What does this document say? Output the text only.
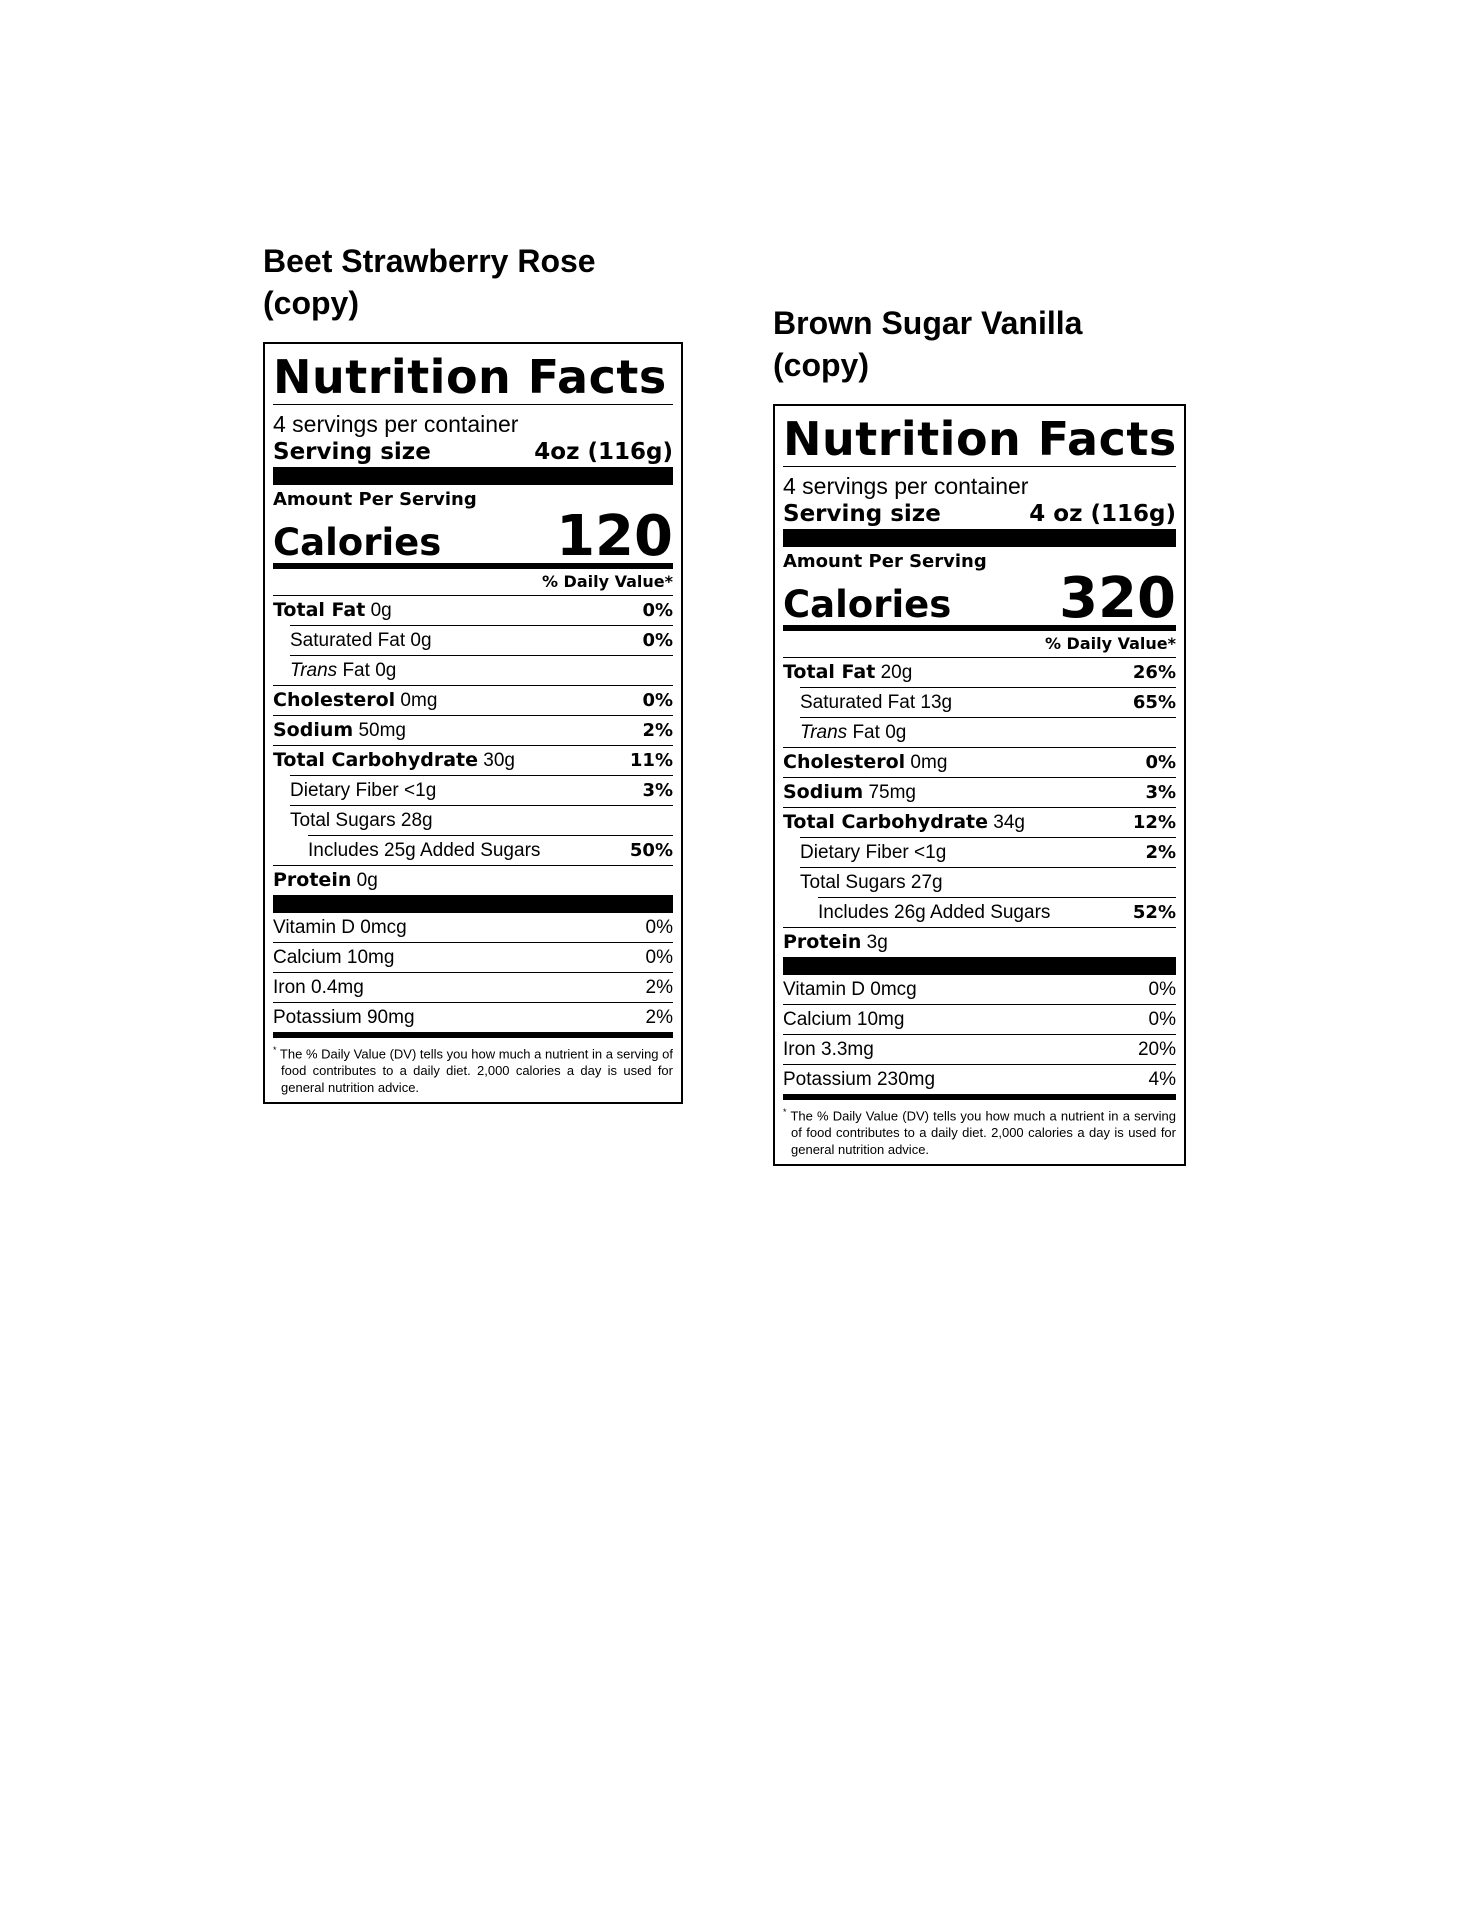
Beet Strawberry Rose
(copy)
Nutrition Facts
4 servings per container
Serving size	4oz (116g)
Amount Per Serving
Calories 120
% Daily Value*
Total Fat 0g	0%
Saturated Fat 0g	0%
Trans Fat 0g
Cholesterol 0mg	0%
Sodium 50mg	2%
Total Carbohydrate 30g	11%
Dietary Fiber <1g	3%
Total Sugars 28g
Includes 25g Added Sugars	50%
Protein 0g
Vitamin D 0mcg	0%
Calcium 10mg	0%
Iron 0.4mg	2%
Potassium 90mg	2%
* The % Daily Value (DV) tells you how much a nutrient in a serving of food contributes to a daily diet. 2,000 calories a day is used for general nutrition advice.
Brown Sugar Vanilla (copy)
Nutrition Facts
4 servings per container
Serving size	4 oz (116g)
Amount Per Serving
Calories 320
% Daily Value*
Total Fat 20g	26%
Saturated Fat 13g	65%
Trans Fat 0g
Cholesterol 0mg	0%
Sodium 75mg	3%
Total Carbohydrate 34g	12%
Dietary Fiber <1g	2%
Total Sugars 27g
Includes 26g Added Sugars	52%
Protein 3g
Vitamin D 0mcg	0%
Calcium 10mg	0%
Iron 3.3mg	20%
Potassium 230mg	4%
* The % Daily Value (DV) tells you how much a nutrient in a serving of food contributes to a daily diet. 2,000 calories a day is used for general nutrition advice.
